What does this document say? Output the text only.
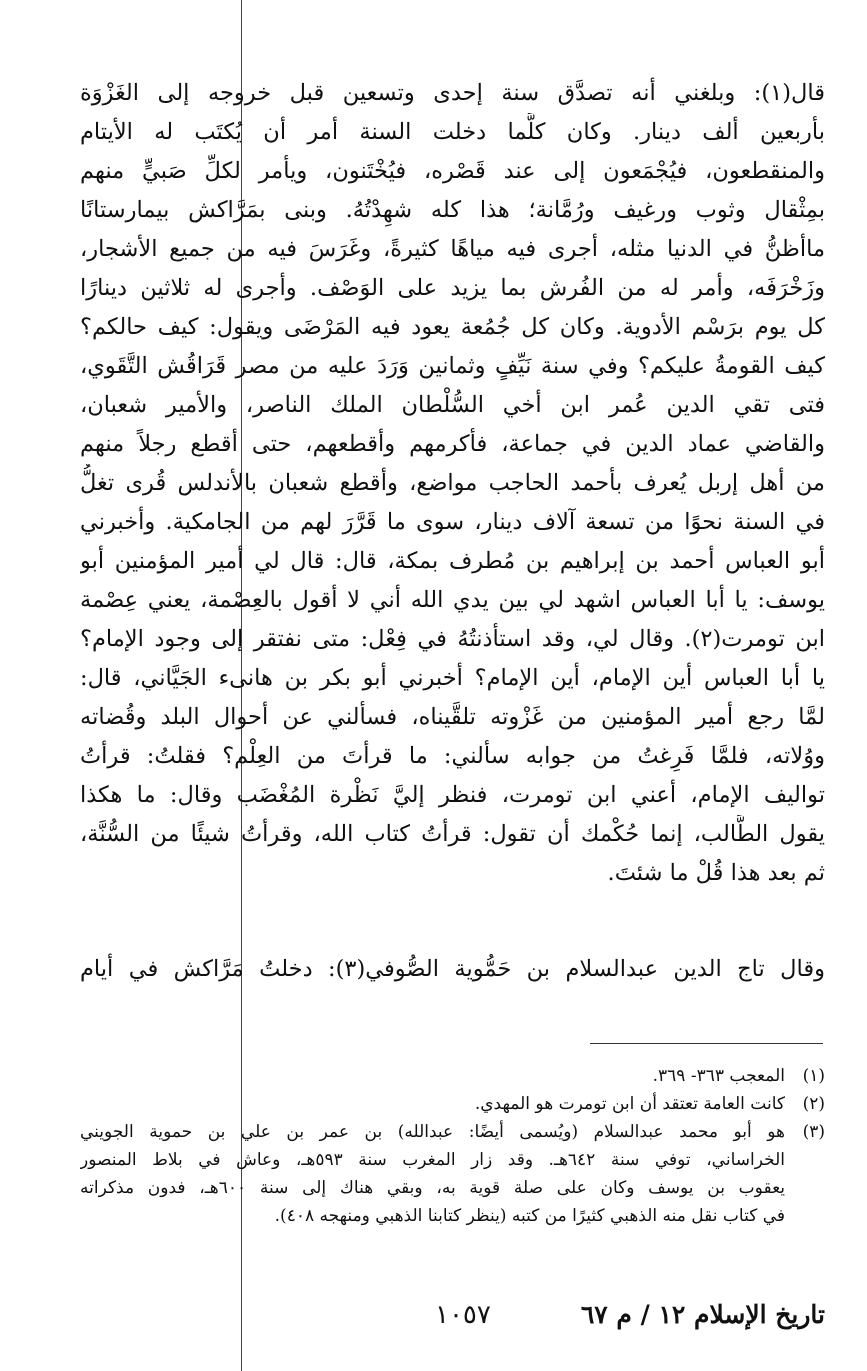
قال(١): وبلغني أنه تصدَّق سنة إحدى وتسعين قبل خروجه إلى الغَزْوَة
بأربعين ألف دينار. وكان كلَّما دخلت السنة أمر أن يُكتَب له الأيتام
والمنقطعون، فيُجْمَعون إلى عند قَصْره، فيُخْتَنون، ويأمر لكلِّ صَبيٍّ منهم
بمِثْقال وثوب ورغيف ورُمَّانة؛ هذا كله شهِدْتُهُ. وبنى بمَرَّاكش بيمارستانًا
ماأظنُّ في الدنيا مثله، أجرى فيه مياهًا كثيرةً، وغَرَسَ فيه من جميع الأشجار،
وزَخْرَفَه، وأمر له من الفُرش بما يزيد على الوَصْف. وأجرى له ثلاثين دينارًا
كل يوم برَسْم الأدوية. وكان كل جُمُعة يعود فيه المَرْضَى ويقول: كيف حالكم؟
كيف القومةُ عليكم؟ وفي سنة نَيِّفٍ وثمانين وَرَدَ عليه من مصر قَرَاقُش التَّقَوي،
فتى تقي الدين عُمر ابن أخي السُّلْطان الملك الناصر، والأمير شعبان،
والقاضي عماد الدين في جماعة، فأكرمهم وأقطعهم، حتى أقطع رجلاً منهم
من أهل إربل يُعرف بأحمد الحاجب مواضع، وأقطع شعبان بالأندلس قُرى تغلُّ
في السنة نحوًا من تسعة آلاف دينار، سوى ما قَرَّرَ لهم من الجامكية. وأخبرني
أبو العباس أحمد بن إبراهيم بن مُطرف بمكة، قال: قال لي أمير المؤمنين أبو
يوسف: يا أبا العباس اشهد لي بين يدي الله أني لا أقول بالعِصْمة، يعني عِصْمة
ابن تومرت(٢). وقال لي، وقد استأذنتُهُ في فِعْل: متى نفتقر إلى وجود الإمام؟
يا أبا العباس أين الإمام، أين الإمام؟ أخبرني أبو بكر بن هانىء الجَيَّاني، قال:
لمَّا رجع أمير المؤمنين من غَزْوته تلقَّيناه، فسألني عن أحوال البلد وقُضاته
ووُلاته، فلمَّا فَرِغتُ من جوابه سألني: ما قرأتَ من العِلْم؟ فقلتُ: قرأتُ
تواليف الإمام، أعني ابن تومرت، فنظر إليَّ نَظْرة المُغْضَب وقال: ما هكذا
يقول الطَّالب، إنما حُكْمك أن تقول: قرأتُ كتاب الله، وقرأتُ شيئًا من السُّنَّة،
ثم بعد هذا قُلْ ما شئتَ.
وقال تاج الدين عبدالسلام بن حَمُّوية الصُّوفي(٣): دخلتُ مَرَّاكش في أيام
(١)
المعجب ٣٦٣- ٣٦٩.
(٢)
كانت العامة تعتقد أن ابن تومرت هو المهدي.
(٣)
هو أبو محمد عبدالسلام (ويُسمى أيضًا: عبدالله) بن عمر بن علي بن حموية الجويني
الخراساني، توفي سنة ٦٤٢هـ. وقد زار المغرب سنة ٥٩٣هـ، وعاش في بلاط المنصور
يعقوب بن يوسف وكان على صلة قوية به، وبقي هناك إلى سنة ٦٠٠هـ، فدون مذكراته
في كتاب نقل منه الذهبي كثيرًا من كتبه (ينظر كتابنا الذهبي ومنهجه ٤٠٨).
تاريخ الإسلام ١٢ / م ٦٧
١٠٥٧
